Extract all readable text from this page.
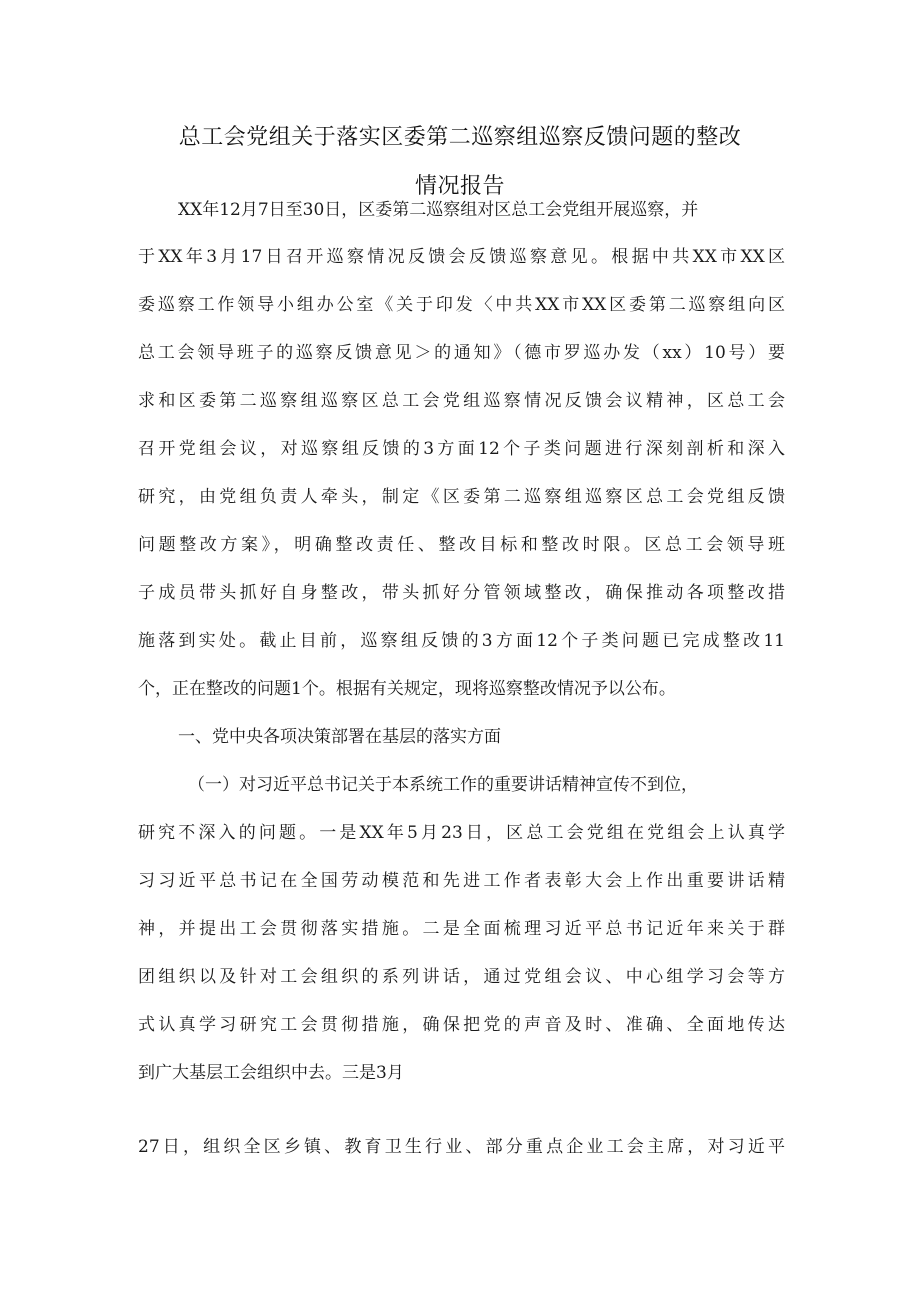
总工会党组关于落实区委第二巡察组巡察反馈问题的整改
情况报告
XX年12月7日至30日，区委第二巡察组对区总工会党组开展巡察，并
于XX年3月17日召开巡察情况反馈会反馈巡察意见。根据中共XX市XX区
委巡察工作领导小组办公室《关于印发〈中共XX市XX区委第二巡察组向区
总工会领导班子的巡察反馈意见＞的通知》（德市罗巡办发（xx）10号）要
求和区委第二巡察组巡察区总工会党组巡察情况反馈会议精神，区总工会
召开党组会议，对巡察组反馈的3方面12个子类问题进行深刻剖析和深入
研究，由党组负责人牵头，制定《区委第二巡察组巡察区总工会党组反馈
问题整改方案》，明确整改责任、整改目标和整改时限。区总工会领导班
子成员带头抓好自身整改，带头抓好分管领域整改，确保推动各项整改措
施落到实处。截止目前，巡察组反馈的3方面12个子类问题已完成整改11
个，正在整改的问题1个。根据有关规定，现将巡察整改情况予以公布。
一、党中央各项决策部署在基层的落实方面
（一）对习近平总书记关于本系统工作的重要讲话精神宣传不到位，
研究不深入的问题。一是XX年5月23日，区总工会党组在党组会上认真学
习习近平总书记在全国劳动模范和先进工作者表彰大会上作出重要讲话精
神，并提出工会贯彻落实措施。二是全面梳理习近平总书记近年来关于群
团组织以及针对工会组织的系列讲话，通过党组会议、中心组学习会等方
式认真学习研究工会贯彻措施，确保把党的声音及时、准确、全面地传达
到广大基层工会组织中去。三是3月
27日，组织全区乡镇、教育卫生行业、部分重点企业工会主席，对习近平
